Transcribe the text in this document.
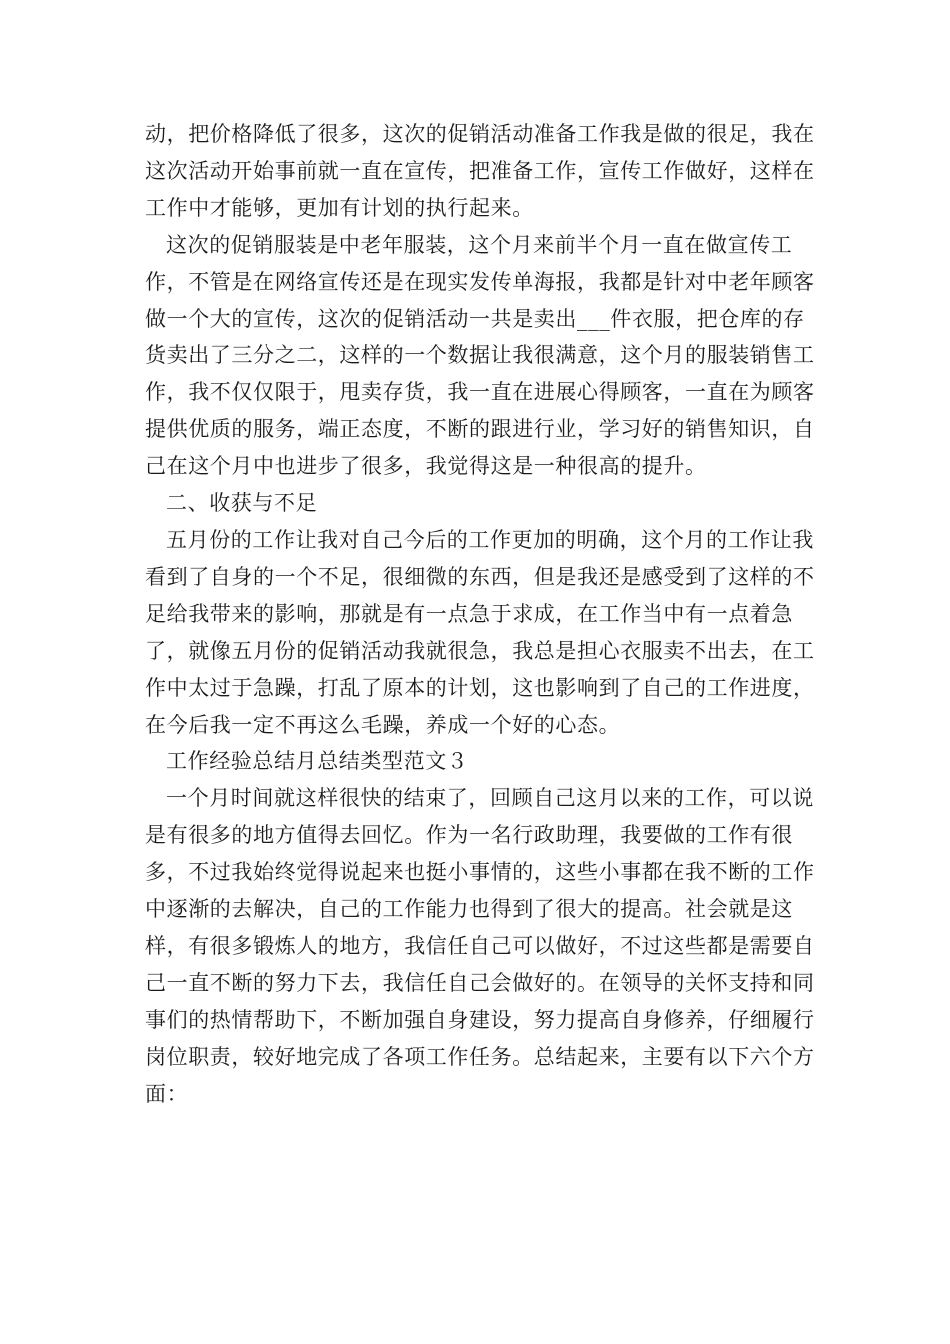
动，把价格降低了很多，这次的促销活动准备工作我是做的很足，我在这次活动开始事前就一直在宣传，把准备工作，宣传工作做好，这样在工作中才能够，更加有计划的执行起来。

这次的促销服装是中老年服装，这个月来前半个月一直在做宣传工作，不管是在网络宣传还是在现实发传单海报，我都是针对中老年顾客做一个大的宣传，这次的促销活动一共是卖出___件衣服，把仓库的存货卖出了三分之二，这样的一个数据让我很满意，这个月的服装销售工作，我不仅仅限于，甩卖存货，我一直在进展心得顾客，一直在为顾客提供优质的服务，端正态度，不断的跟进行业，学习好的销售知识，自己在这个月中也进步了很多，我觉得这是一种很高的提升。

二、收获与不足

五月份的工作让我对自己今后的工作更加的明确，这个月的工作让我看到了自身的一个不足，很细微的东西，但是我还是感受到了这样的不足给我带来的影响，那就是有一点急于求成，在工作当中有一点着急了，就像五月份的促销活动我就很急，我总是担心衣服卖不出去，在工作中太过于急躁，打乱了原本的计划，这也影响到了自己的工作进度，在今后我一定不再这么毛躁，养成一个好的心态。

工作经验总结月总结类型范文３

一个月时间就这样很快的结束了，回顾自己这月以来的工作，可以说是有很多的地方值得去回忆。作为一名行政助理，我要做的工作有很多，不过我始终觉得说起来也挺小事情的，这些小事都在我不断的工作中逐渐的去解决，自己的工作能力也得到了很大的提高。社会就是这样，有很多锻炼人的地方，我信任自己可以做好，不过这些都是需要自己一直不断的努力下去，我信任自己会做好的。在领导的关怀支持和同事们的热情帮助下，不断加强自身建设，努力提高自身修养，仔细履行岗位职责，较好地完成了各项工作任务。总结起来，主要有以下六个方面：
